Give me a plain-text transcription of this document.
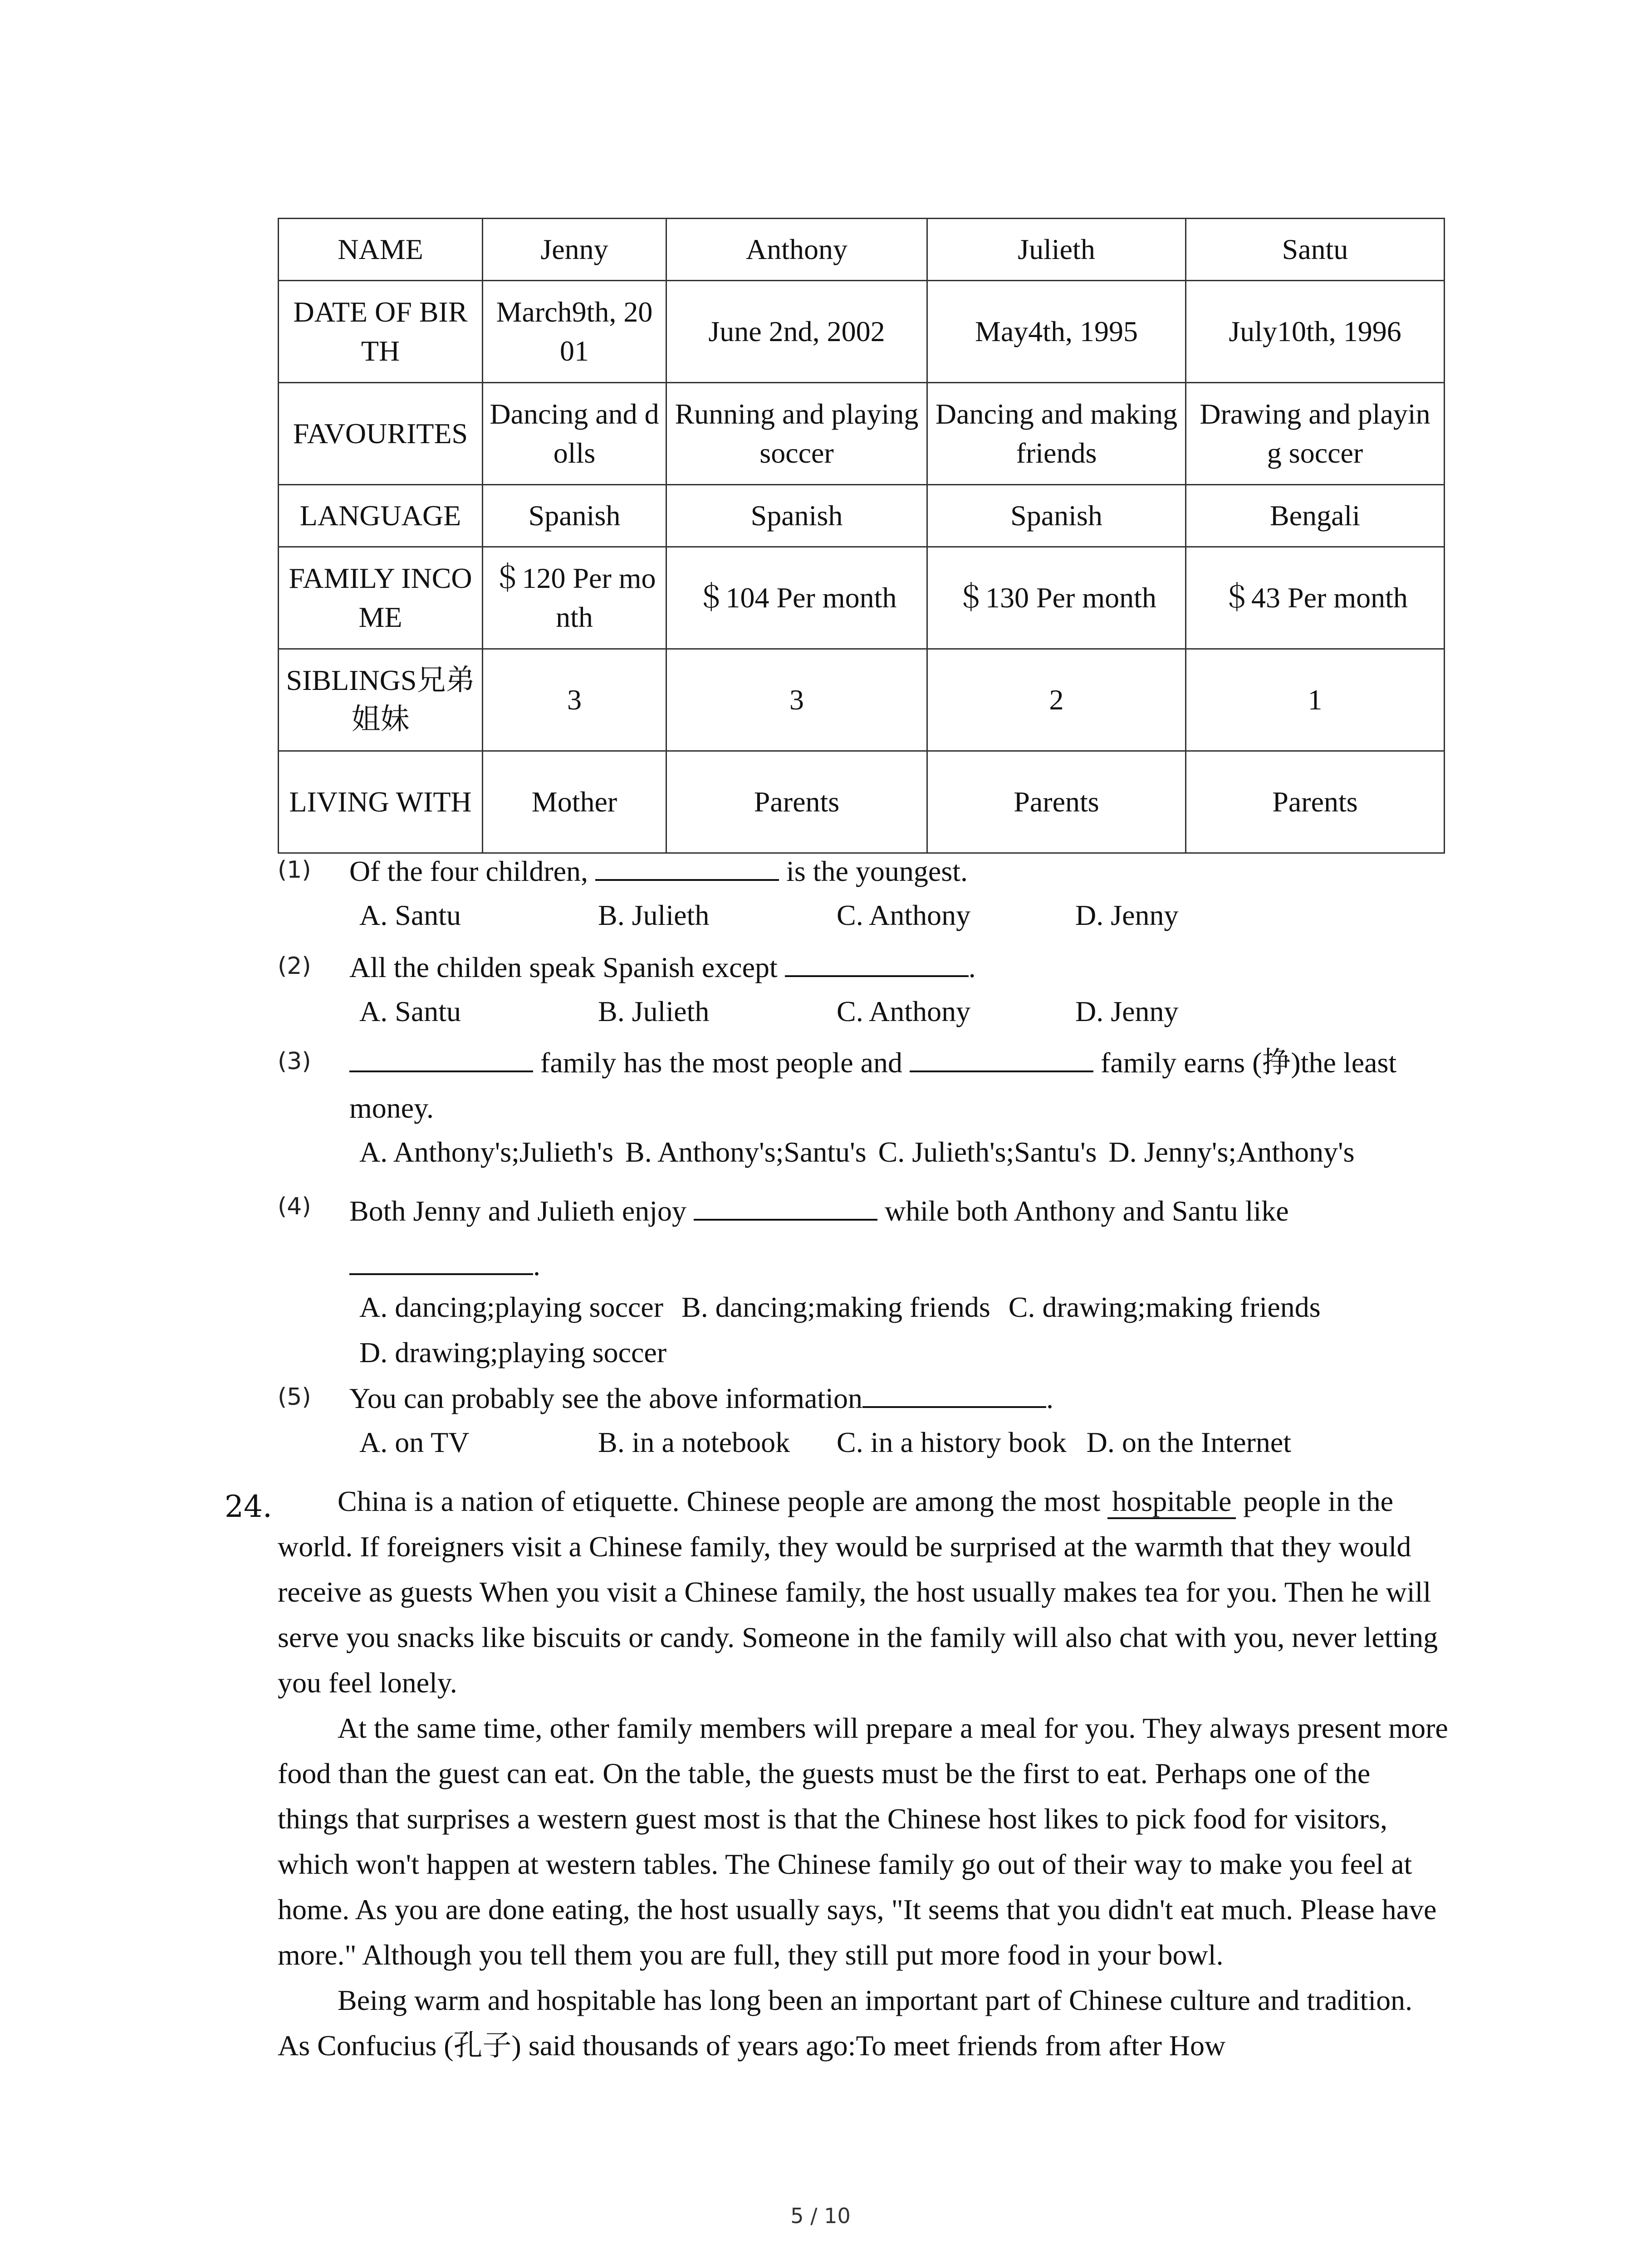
NAME	Jenny	Anthony	Julieth	Santu
DATE OF BIRTH	March9th, 2001	June 2nd, 2002	May4th, 1995	July10th, 1996
FAVOURITES	Dancing and dolls	Running and playing soccer	Dancing and making friends	Drawing and playing soccer
LANGUAGE	Spanish	Spanish	Spanish	Bengali
FAMILY INCOME	＄120 Per month	＄104 Per month	＄130 Per month	＄43 Per month
SIBLINGS兄弟姐妹	3	3	2	1
LIVING WITH	Mother	Parents	Parents	Parents
(1) Of the four children,	is the youngest.
A. Santu	B. Julieth	C. Anthony	D. Jenny
(2) All the childen speak Spanish except	.
A. Santu	B. Julieth	C. Anthony	D. Jenny
(3)	family has the most people and	family earns (挣)the least
money.
A. Anthony's;Julieth's B. Anthony's;Santu's C. Julieth's;Santu's D. Jenny's;Anthony's
(4) Both Jenny and Julieth enjoy	while both Anthony and Santu like
.
A. dancing;playing soccer B. dancing;making friends C. drawing;making friends
D. drawing;playing soccer
(5) You can probably see the above information	.
A. on TV	B. in a notebook	C. in a history book D. on the Internet
24.	China is a nation of etiquette. Chinese people are among the most hospitable people in the world. If foreigners visit a Chinese family, they would be surprised at the warmth that they would receive as guests When you visit a Chinese family, the host usually makes tea for you. Then he will serve you snacks like biscuits or candy. Someone in the family will also chat with you, never letting you feel lonely.
At the same time, other family members will prepare a meal for you. They always present more food than the guest can eat. On the table, the guests must be the first to eat. Perhaps one of the things that surprises a western guest most is that the Chinese host likes to pick food for visitors, which won't happen at western tables. The Chinese family go out of their way to make you feel at home. As you are done eating, the host usually says, "It seems that you didn't eat much. Please have more." Although you tell them you are full, they still put more food in your bowl.
Being warm and hospitable has long been an important part of Chinese culture and tradition. As Confucius (孔子) said thousands of years ago:To meet friends from after How
5 / 10
